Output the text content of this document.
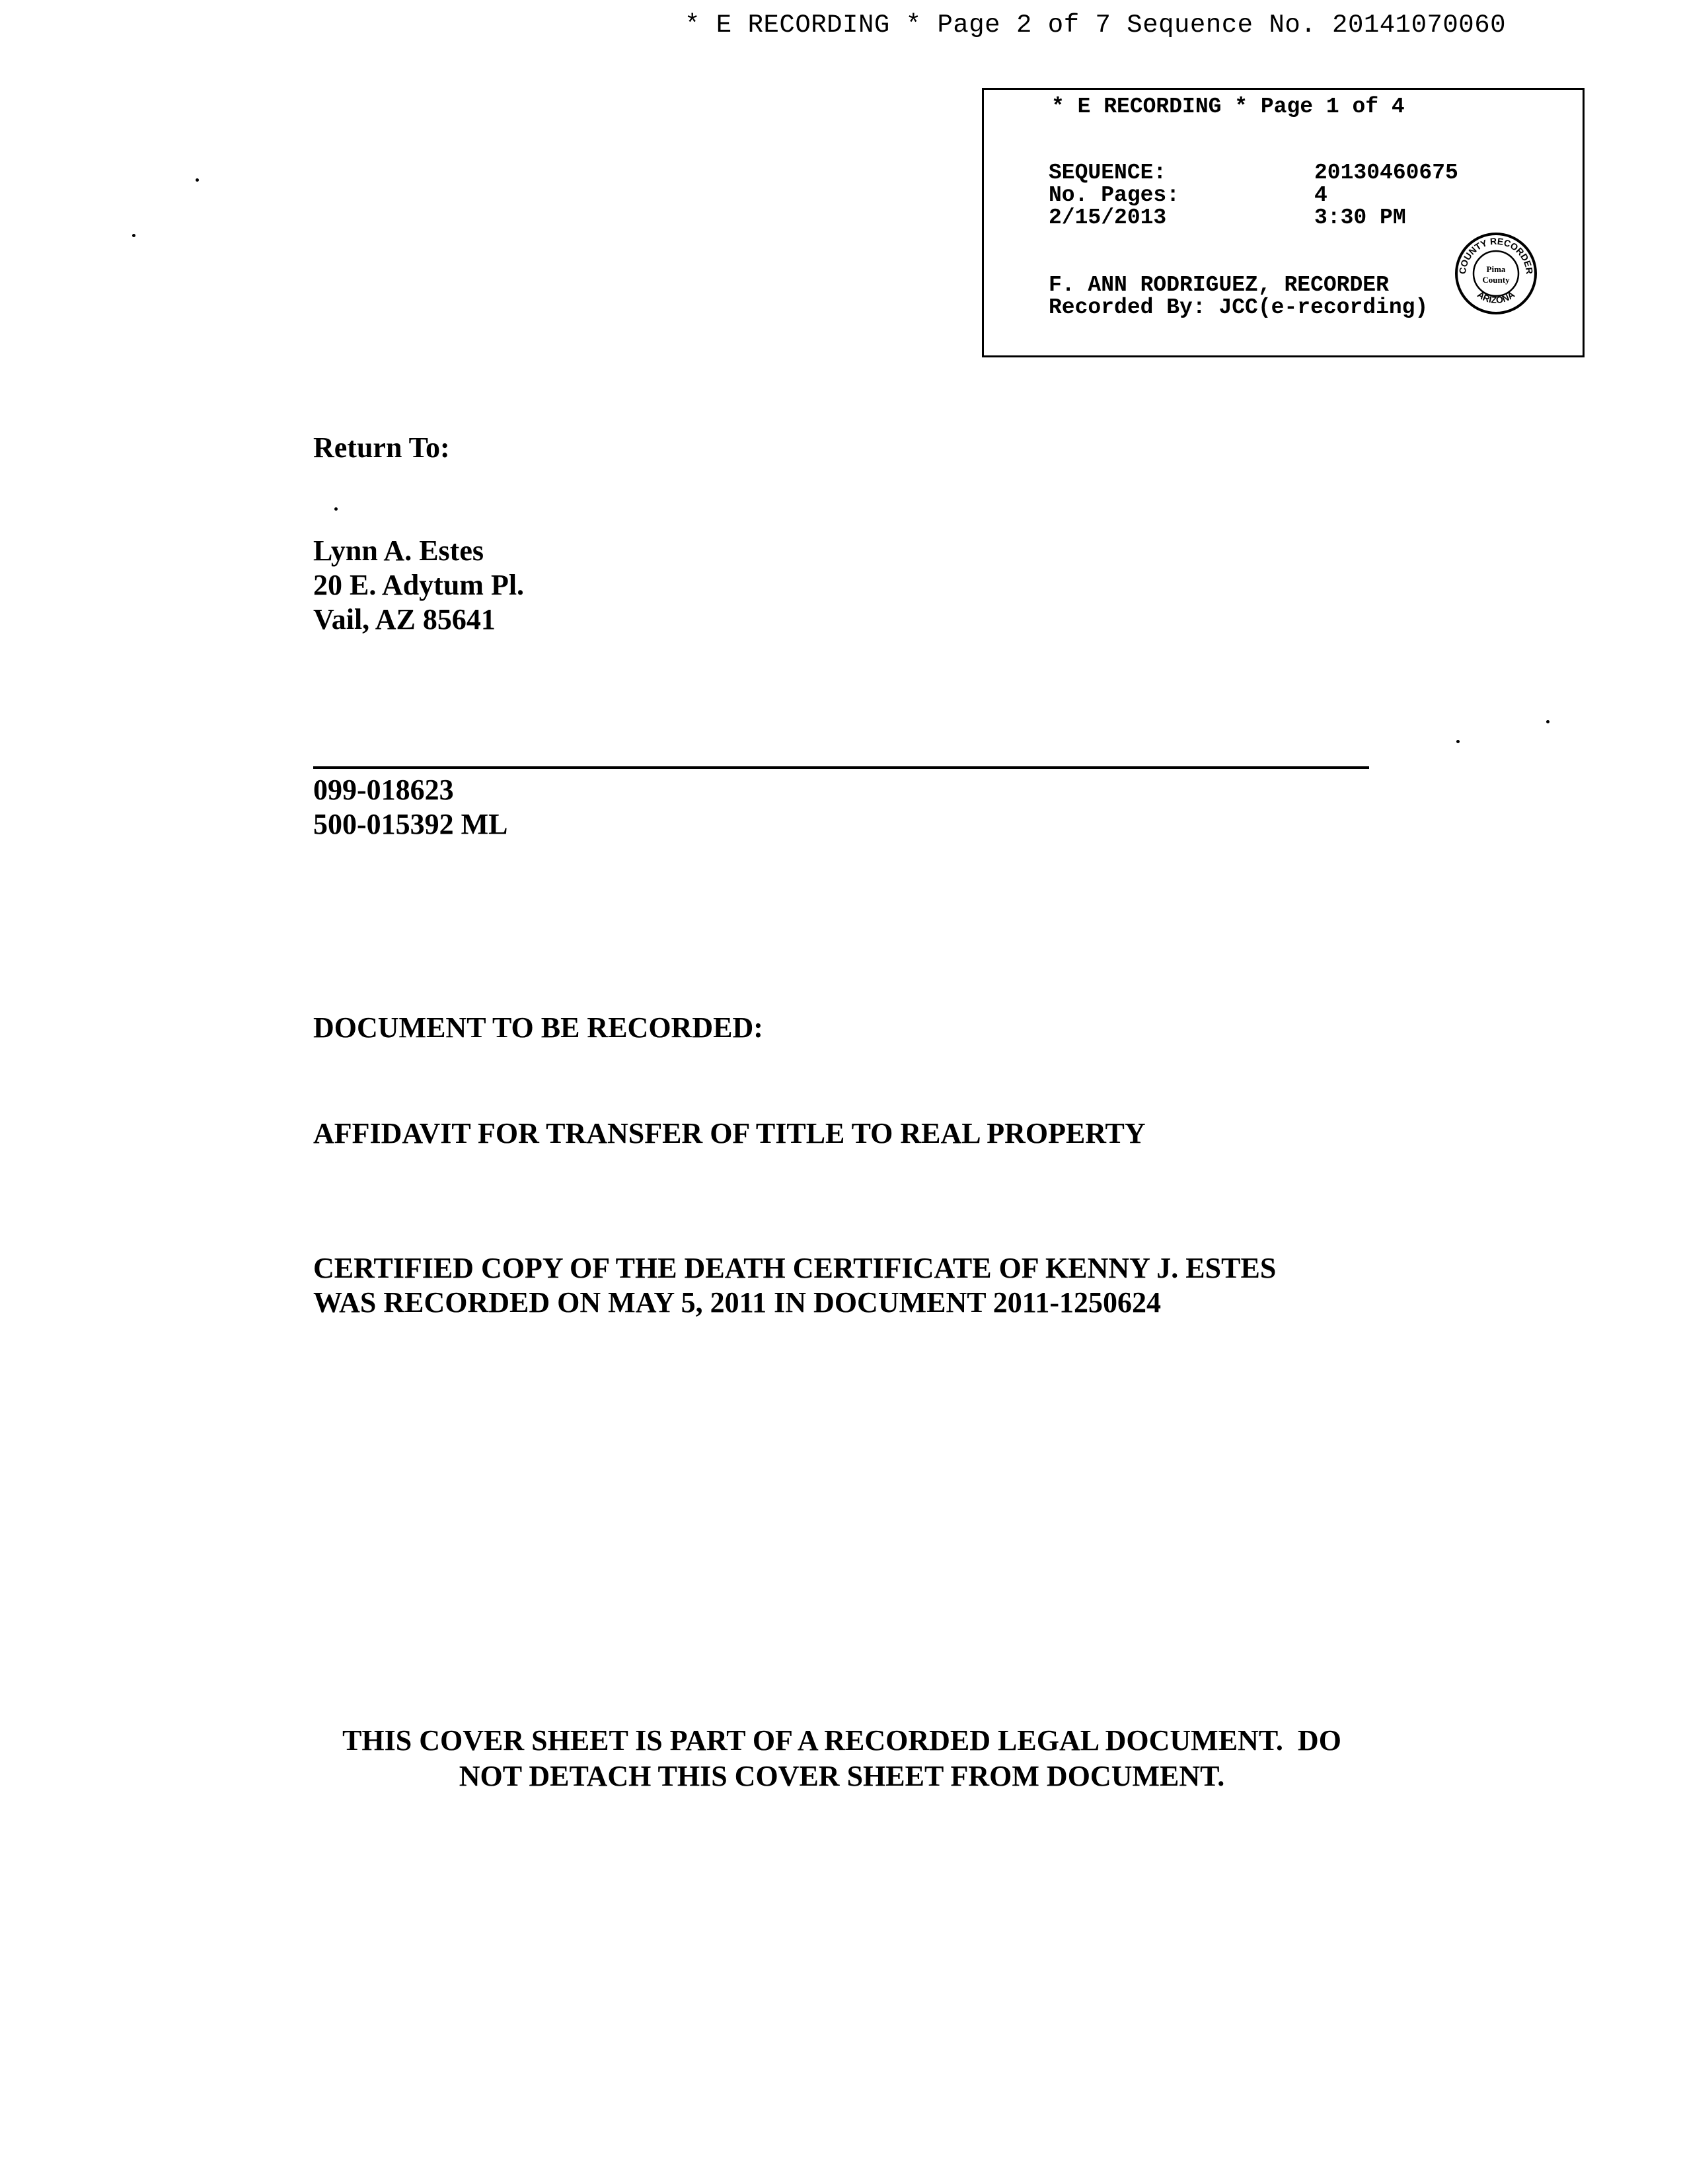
* E RECORDING * Page 2 of 7 Sequence No. 20141070060
* E RECORDING * Page 1 of 4
SEQUENCE:	20130460675
No. Pages:	4
2/15/2013	3:30 PM
F. ANN RODRIGUEZ, RECORDER
Recorded By: JCC(e-recording)
COUNTY RECORDER
ARIZONA
Pima
County
Return To:
Lynn A. Estes
20 E. Adytum Pl.
Vail, AZ 85641
099-018623
500-015392 ML
DOCUMENT TO BE RECORDED:
AFFIDAVIT FOR TRANSFER OF TITLE TO REAL PROPERTY
CERTIFIED COPY OF THE DEATH CERTIFICATE OF KENNY J. ESTES
WAS RECORDED ON MAY 5, 2011 IN DOCUMENT 2011-1250624
THIS COVER SHEET IS PART OF A RECORDED LEGAL DOCUMENT.  DO
NOT DETACH THIS COVER SHEET FROM DOCUMENT.
